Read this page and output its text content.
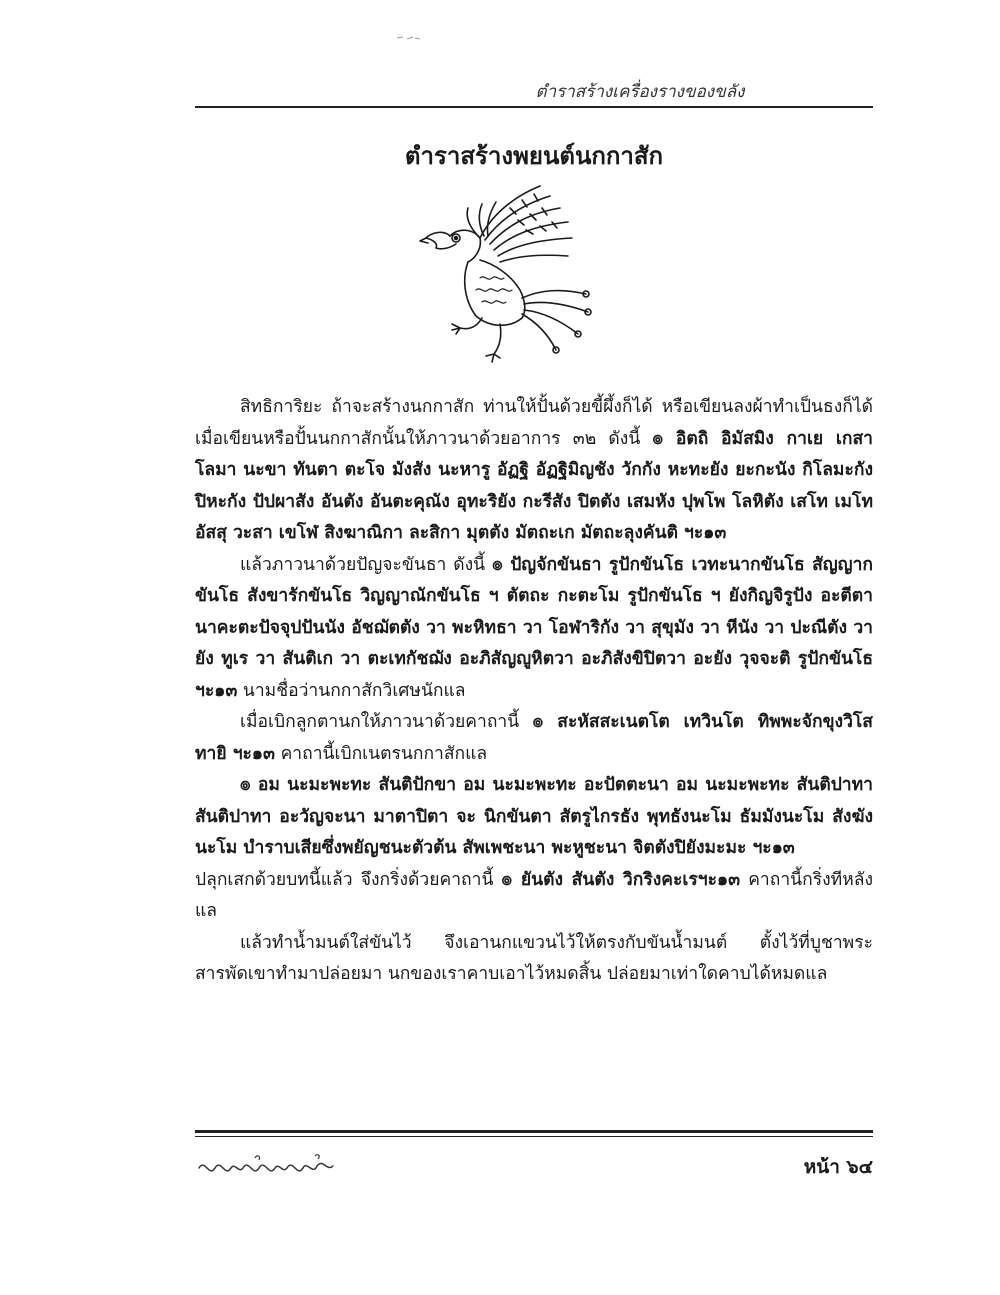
ตำราสร้างเครื่องรางของขลัง
ตำราสร้างพยนต์นกกาสัก

สิทธิการิยะ ถ้าจะสร้างนกกาสัก ท่านให้ปั้นด้วยขี้ผึ้งก็ได้ หรือเขียนลงผ้าทำเป็นธงก็ได้ เมื่อเขียนหรือปั้นนกกาสักนั้นให้ภาวนาด้วยอาการ ๓๒ ดังนี้ ๏ อิตถิ อิมัสมิง กาเย เกสา โลมา นะขา ทันตา ตะโจ มังสัง นะหารู อัฏฐิ อัฏฐิมิญชัง วักกัง หะทะยัง ยะกะนัง กิโลมะกัง ปิหะกัง ปัปผาสัง อันตัง อันตะคุณัง อุทะริยัง กะรีสัง ปิตตัง เสมหัง ปุพโพ โลหิตัง เสโท เมโท อัสสุ วะสา เขโฬ สิงฆาณิกา ละสิกา มุตตัง มัตถะเก มัตถะลุงคันติ ฯะ๑๓

แล้วภาวนาด้วยปัญจะขันธา ดังนี้ ๏ ปัญจักขันธา รูปักขันโธ เวทะนากขันโธ สัญญากขันโธ สังขารักขันโธ วิญญาณักขันโธ ฯ ตัตถะ กะตะโม รูปักขันโธ ฯ ยังกิญจิรูปัง อะตีตานาคะตะปัจจุปปันนัง อัชฌัตตัง วา พะหิทธา วา โอฬาริกัง วา สุขุมัง วา หีนัง วา ปะณีตัง วา ยัง ทูเร วา สันติเก วา ตะเทกัชฌัง อะภิสัญญูหิตวา อะภิสังขิปิตวา อะยัง วุจจะติ รูปักขันโธ ฯะ๑๓ นามชื่อว่านกกาสักวิเศษนักแล

เมื่อเบิกลูกตานกให้ภาวนาด้วยคาถานี้ ๏ สะหัสสะเนตโต เทวินโต ทิพพะจักขุงวิโสทายิ ฯะ๑๓ คาถานี้เบิกเนตรนกกาสักแล

๏ อม นะมะพะทะ สันติปักขา อม นะมะพะทะ อะปัตตะนา อม นะมะพะทะ สันติปาทา สันติปาทา อะวัญจะนา มาตาปิตา จะ นิกขันตา สัตรูไกรธัง พุทธังนะโม ธัมมังนะโม สังฆังนะโม บำราบเสียซึ่งพยัญชนะตัวต้น สัพเพชะนา พะหูชะนา จิตตังปิยังมะมะ ฯะ๑๓

ปลุกเสกด้วยบทนี้แล้ว จึงกริ่งด้วยคาถานี้ ๏ ยันตัง สันตัง วิกริงคะเรฯะ๑๓ คาถานี้กริ่งทีหลังแล

แล้วทำน้ำมนต์ใส่ขันไว้ จึงเอานกแขวนไว้ให้ตรงกับขันน้ำมนต์ ตั้งไว้ที่บูชาพระ สารพัดเขาทำมาปล่อยมา นกของเราคาบเอาไว้หมดสิ้น ปล่อยมาเท่าใดคาบได้หมดแล

หน้า ๖๔
